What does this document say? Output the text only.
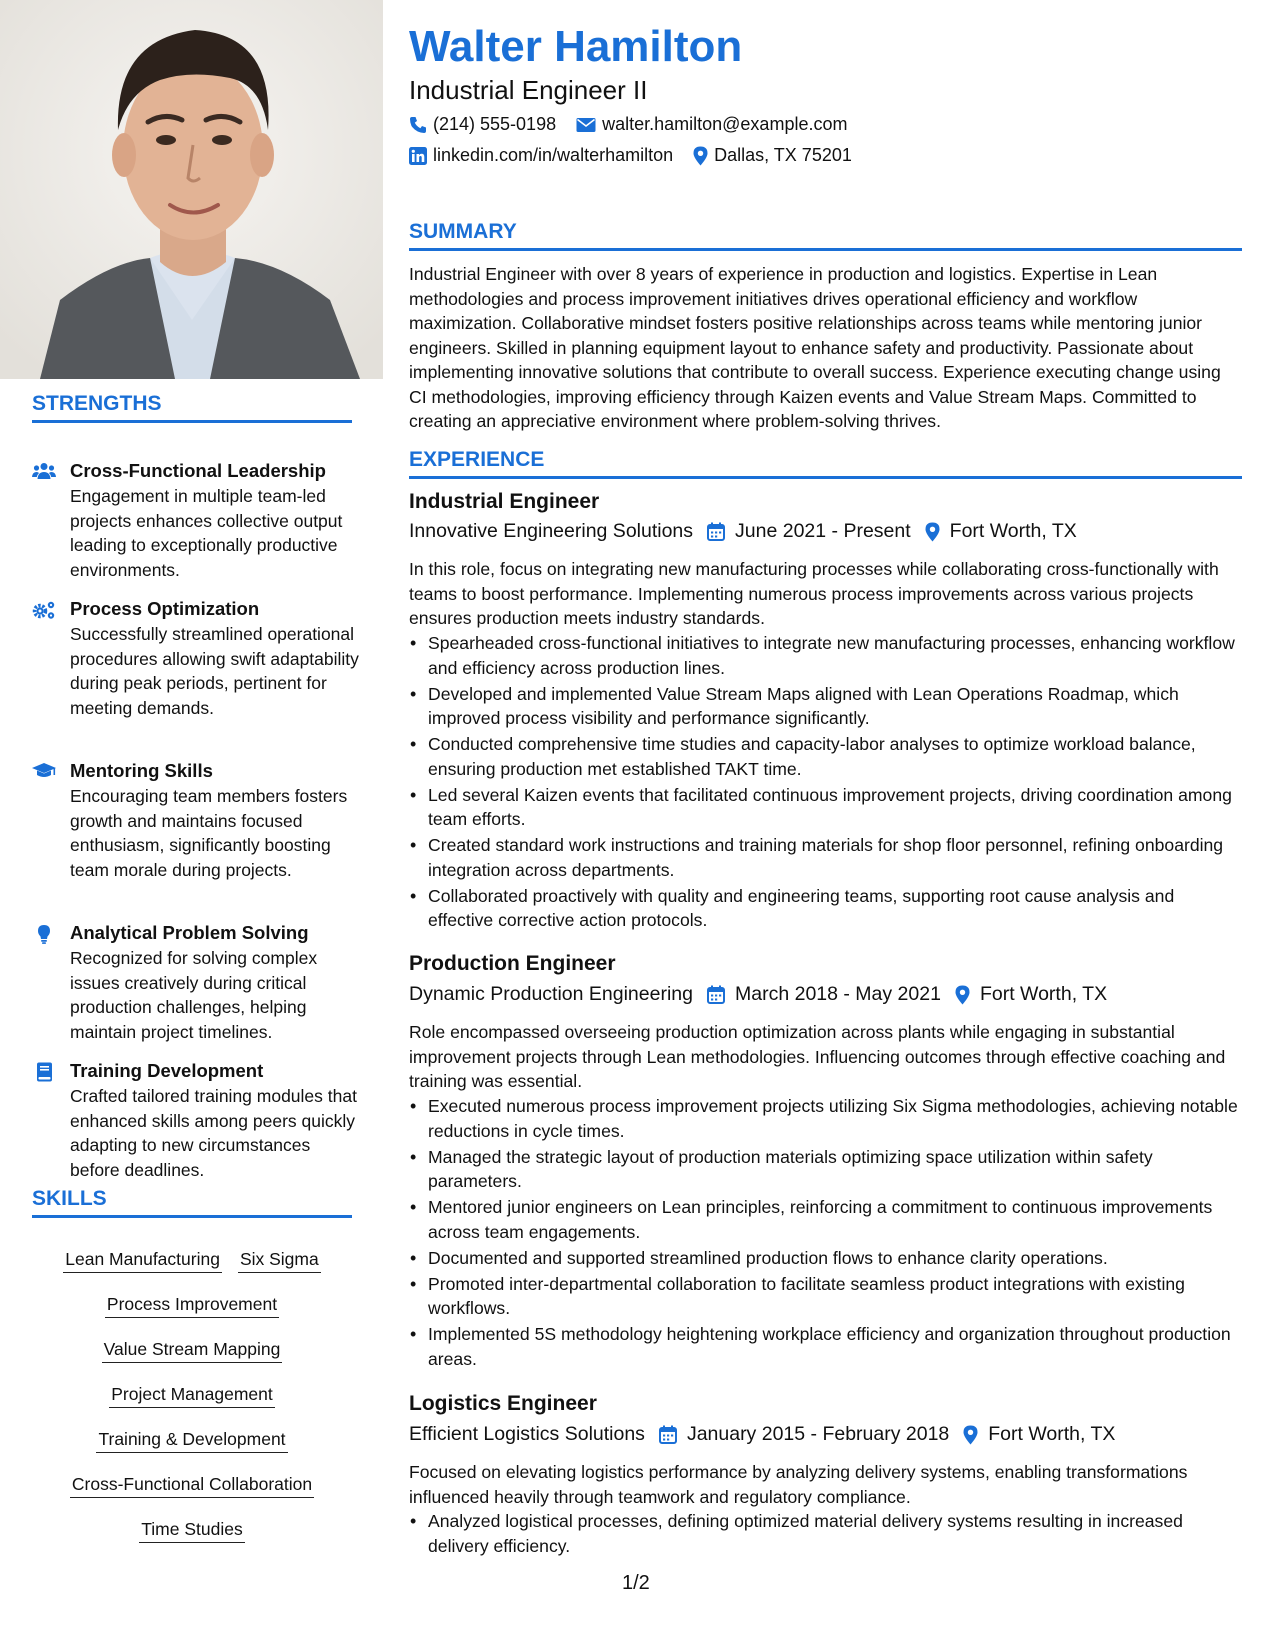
STRENGTHS
Cross-Functional Leadership
Engagement in multiple team-led projects enhances collective output leading to exceptionally productive environments.
Process Optimization
Successfully streamlined operational procedures allowing swift adaptability during peak periods, pertinent for meeting demands.
Mentoring Skills
Encouraging team members fosters growth and maintains focused enthusiasm, significantly boosting team morale during projects.
Analytical Problem Solving
Recognized for solving complex issues creatively during critical production challenges, helping maintain project timelines.
Training Development
Crafted tailored training modules that enhanced skills among peers quickly adapting to new circumstances before deadlines.
SKILLS
Lean Manufacturing Six Sigma
Process Improvement
Value Stream Mapping
Project Management
Training & Development
Cross-Functional Collaboration
Time Studies
Walter Hamilton
Industrial Engineer II
(214) 555-0198	walter.hamilton@example.com
linkedin.com/in/walterhamilton Dallas, TX 75201
SUMMARY
Industrial Engineer with over 8 years of experience in production and logistics. Expertise in Lean methodologies and process improvement initiatives drives operational efficiency and workflow maximization. Collaborative mindset fosters positive relationships across teams while mentoring junior engineers. Skilled in planning equipment layout to enhance safety and productivity. Passionate about implementing innovative solutions that contribute to overall success. Experience executing change using CI methodologies, improving efficiency through Kaizen events and Value Stream Maps. Committed to creating an appreciative environment where problem-solving thrives.
EXPERIENCE
Industrial Engineer
Innovative Engineering Solutions June 2021 - Present Fort Worth, TX
In this role, focus on integrating new manufacturing processes while collaborating cross-functionally with teams to boost performance. Implementing numerous process improvements across various projects ensures production meets industry standards.
• Spearheaded cross-functional initiatives to integrate new manufacturing processes, enhancing workflow and efficiency across production lines.
• Developed and implemented Value Stream Maps aligned with Lean Operations Roadmap, which improved process visibility and performance significantly.
• Conducted comprehensive time studies and capacity-labor analyses to optimize workload balance, ensuring production met established TAKT time.
• Led several Kaizen events that facilitated continuous improvement projects, driving coordination among team efforts.
• Created standard work instructions and training materials for shop floor personnel, refining onboarding integration across departments.
• Collaborated proactively with quality and engineering teams, supporting root cause analysis and effective corrective action protocols.
Production Engineer
Dynamic Production Engineering March 2018 - May 2021 Fort Worth, TX
Role encompassed overseeing production optimization across plants while engaging in substantial improvement projects through Lean methodologies. Influencing outcomes through effective coaching and training was essential.
• Executed numerous process improvement projects utilizing Six Sigma methodologies, achieving notable reductions in cycle times.
• Managed the strategic layout of production materials optimizing space utilization within safety parameters.
• Mentored junior engineers on Lean principles, reinforcing a commitment to continuous improvements across team engagements.
• Documented and supported streamlined production flows to enhance clarity operations.
• Promoted inter-departmental collaboration to facilitate seamless product integrations with existing workflows.
• Implemented 5S methodology heightening workplace efficiency and organization throughout production areas.
Logistics Engineer
Efficient Logistics Solutions January 2015 - February 2018 Fort Worth, TX
Focused on elevating logistics performance by analyzing delivery systems, enabling transformations influenced heavily through teamwork and regulatory compliance.
• Analyzed logistical processes, defining optimized material delivery systems resulting in increased delivery efficiency.
1/2
